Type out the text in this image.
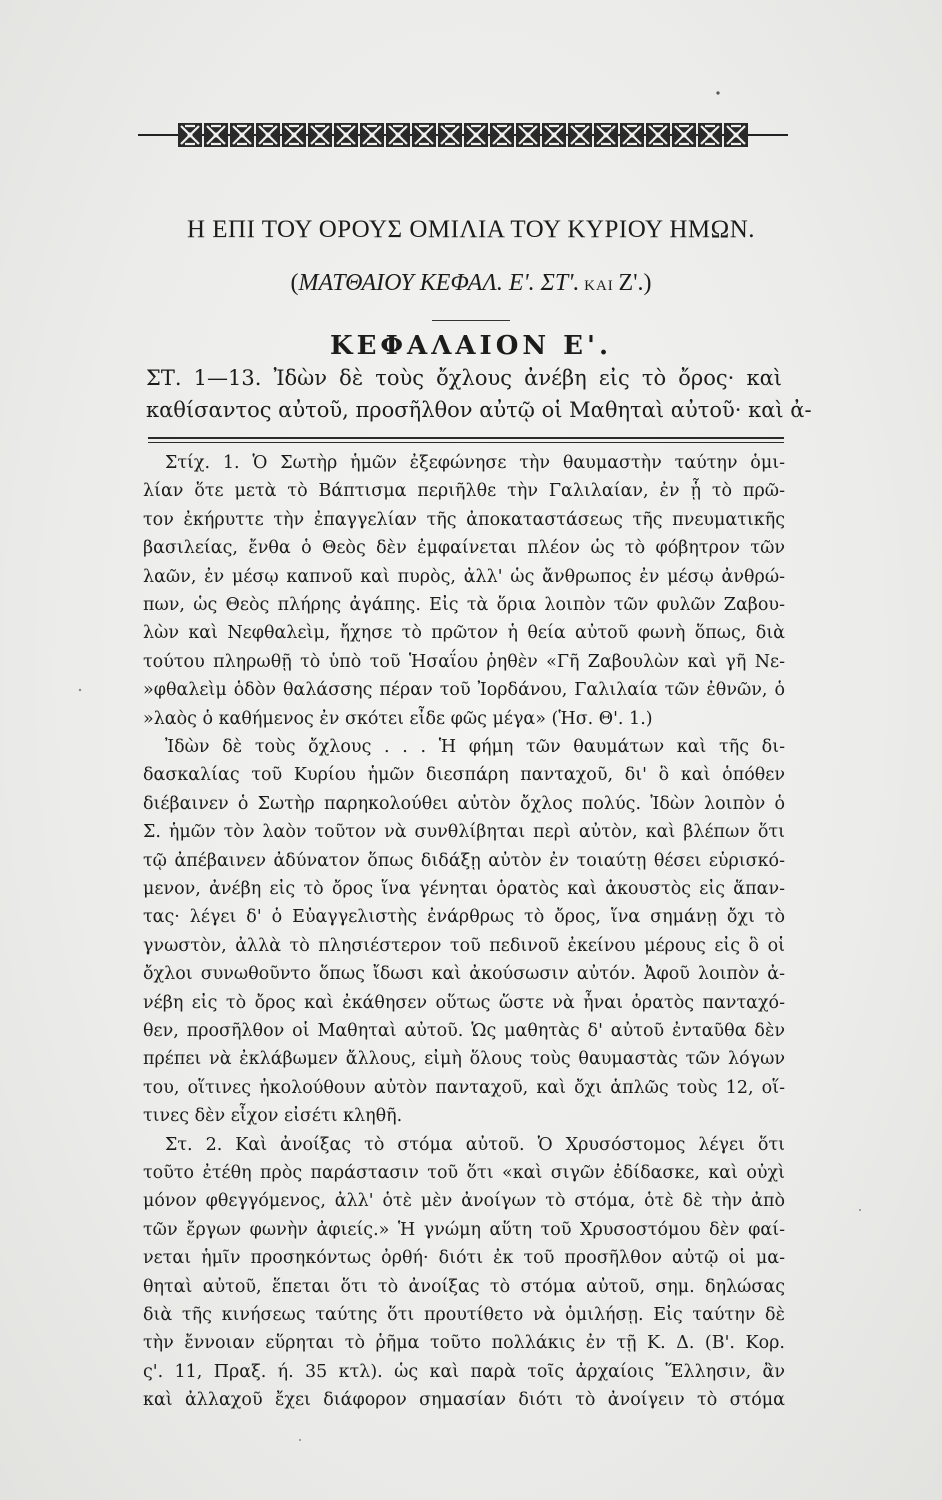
Η ΕΠΙ ΤΟΥ ΟΡΟΥΣ ΟΜΙΛΙΑ ΤΟΥ ΚΥΡΙΟΥ ΗΜΩΝ.
(ΜΑΤΘΑΙΟΥ ΚΕΦΑΛ. Ε'. ΣΤ'. ΚΑΙ Ζ'.)
ΚΕΦΑΛΑΙΟΝ Ε'.
ΣΤ. 1—13. Ἰδὼν δὲ τοὺς ὄχλους ἀνέβη εἰς τὸ ὄρος· καὶ
καθίσαντος αὐτοῦ, προσῆλθον αὐτῷ οἱ Μαθηταὶ αὐτοῦ· καὶ ἀ-
Στίχ. 1. Ὁ Σωτὴρ ἡμῶν ἐξεφώνησε τὴν θαυμαστὴν ταύτην ὁμι-
λίαν ὅτε μετὰ τὸ Βάπτισμα περιῆλθε τὴν Γαλιλαίαν, ἐν ᾗ τὸ πρῶ-
τον ἐκήρυττε τὴν ἐπαγγελίαν τῆς ἀποκαταστάσεως τῆς πνευματικῆς
βασιλείας, ἔνθα ὁ Θεὸς δὲν ἐμφαίνεται πλέον ὡς τὸ φόβητρον τῶν
λαῶν, ἐν μέσῳ καπνοῦ καὶ πυρὸς, ἀλλ' ὡς ἄνθρωπος ἐν μέσῳ ἀνθρώ-
πων, ὡς Θεὸς πλήρης ἀγάπης. Εἰς τὰ ὅρια λοιπὸν τῶν φυλῶν Ζαβου-
λὼν καὶ Νεφθαλεὶμ, ἤχησε τὸ πρῶτον ἡ θεία αὐτοῦ φωνὴ ὅπως, διὰ
τούτου πληρωθῇ τὸ ὑπὸ τοῦ Ἡσαΐου ῥηθὲν «Γῆ Ζαβουλὼν καὶ γῆ Νε-
»φθαλεὶμ ὁδὸν θαλάσσης πέραν τοῦ Ἰορδάνου, Γαλιλαία τῶν ἐθνῶν, ὁ
»λαὸς ὁ καθήμενος ἐν σκότει εἶδε φῶς μέγα» (Ἡσ. Θ'. 1.)
Ἰδὼν δὲ τοὺς ὄχλους . . . Ἡ φήμη τῶν θαυμάτων καὶ τῆς δι-
δασκαλίας τοῦ Κυρίου ἡμῶν διεσπάρη πανταχοῦ, δι' ὃ καὶ ὁπόθεν
διέβαινεν ὁ Σωτὴρ παρηκολούθει αὐτὸν ὄχλος πολύς. Ἰδὼν λοιπὸν ὁ
Σ. ἡμῶν τὸν λαὸν τοῦτον νὰ συνθλίβηται περὶ αὐτὸν, καὶ βλέπων ὅτι
τῷ ἀπέβαινεν ἀδύνατον ὅπως διδάξῃ αὐτὸν ἐν τοιαύτῃ θέσει εὑρισκό-
μενον, ἀνέβη εἰς τὸ ὄρος ἵνα γένηται ὁρατὸς καὶ ἀκουστὸς εἰς ἅπαν-
τας· λέγει δ' ὁ Εὐαγγελιστὴς ἐνάρθρως τὸ ὄρος, ἵνα σημάνῃ ὄχι τὸ
γνωστὸν, ἀλλὰ τὸ πλησιέστερον τοῦ πεδινοῦ ἐκείνου μέρους εἰς ὃ οἱ
ὄχλοι συνωθοῦντο ὅπως ἴδωσι καὶ ἀκούσωσιν αὐτόν. Ἀφοῦ λοιπὸν ἀ-
νέβη εἰς τὸ ὄρος καὶ ἐκάθησεν οὕτως ὥστε νὰ ἦναι ὁρατὸς πανταχό-
θεν, προσῆλθον οἱ Μαθηταὶ αὐτοῦ. Ὡς μαθητὰς δ' αὐτοῦ ἐνταῦθα δὲν
πρέπει νὰ ἐκλάβωμεν ἄλλους, εἰμὴ ὅλους τοὺς θαυμαστὰς τῶν λόγων
του, οἵτινες ἠκολούθουν αὐτὸν πανταχοῦ, καὶ ὄχι ἁπλῶς τοὺς 12, οἵ-
τινες δὲν εἶχον εἰσέτι κληθῆ.
Στ. 2. Καὶ ἀνοίξας τὸ στόμα αὐτοῦ. Ὁ Χρυσόστομος λέγει ὅτι
τοῦτο ἐτέθη πρὸς παράστασιν τοῦ ὅτι «καὶ σιγῶν ἐδίδασκε, καὶ οὐχὶ
μόνον φθεγγόμενος, ἀλλ' ὁτὲ μὲν ἀνοίγων τὸ στόμα, ὁτὲ δὲ τὴν ἀπὸ
τῶν ἔργων φωνὴν ἀφιείς.» Ἡ γνώμη αὕτη τοῦ Χρυσοστόμου δὲν φαί-
νεται ἡμῖν προσηκόντως ὀρθή· διότι ἐκ τοῦ προσῆλθον αὐτῷ οἱ μα-
θηταὶ αὐτοῦ, ἕπεται ὅτι τὸ ἀνοίξας τὸ στόμα αὐτοῦ, σημ. δηλώσας
διὰ τῆς κινήσεως ταύτης ὅτι προυτίθετο νὰ ὁμιλήσῃ. Εἰς ταύτην δὲ
τὴν ἔννοιαν εὕρηται τὸ ῥῆμα τοῦτο πολλάκις ἐν τῇ Κ. Δ. (Β'. Κορ.
ς'. 11, Πραξ. ή. 35 κτλ). ὡς καὶ παρὰ τοῖς ἀρχαίοις Ἕλλησιν, ἂν
καὶ ἀλλαχοῦ ἔχει διάφορον σημασίαν διότι τὸ ἀνοίγειν τὸ στόμα
